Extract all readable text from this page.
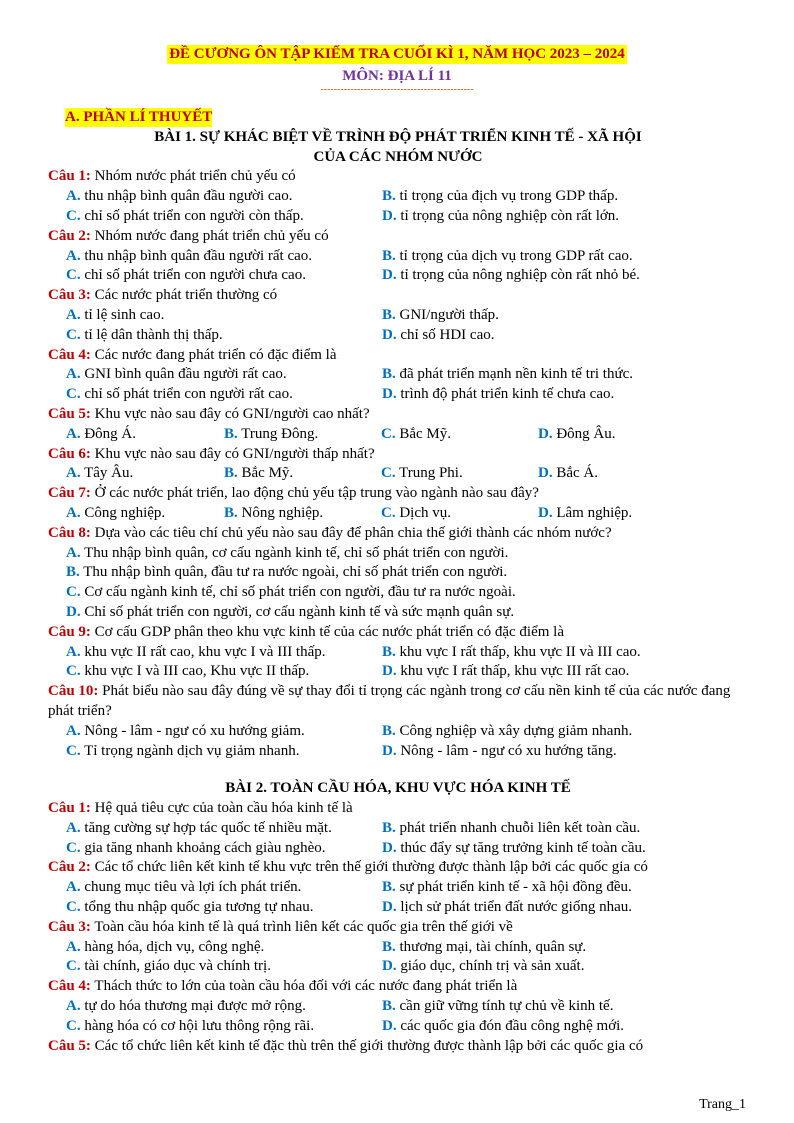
ĐỀ CƯƠNG ÔN TẬP KIỂM TRA CUỐI KÌ 1, NĂM HỌC 2023 – 2024
MÔN: ĐỊA LÍ 11
----------------------------------------------
A. PHẦN LÍ THUYẾT
BÀI 1. SỰ KHÁC BIỆT VỀ TRÌNH ĐỘ PHÁT TRIỂN KINH TẾ - XÃ HỘI
CỦA CÁC NHÓM NƯỚC
Câu 1: Nhóm nước phát triển chủ yếu có
A. thu nhập bình quân đầu người cao.	B. tỉ trọng của địch vụ trong GDP thấp.
C. chỉ số phát triển con người còn thấp.	D. tỉ trọng của nông nghiệp còn rất lớn.
Câu 2: Nhóm nước đang phát triển chủ yếu có
A. thu nhập bình quân đầu người rất cao.	B. tỉ trọng của dịch vụ trong GDP rất cao.
C. chỉ số phát triển con người chưa cao.	D. tỉ trọng của nông nghiệp còn rất nhỏ bé.
Câu 3: Các nước phát triển thường có
A. tỉ lệ sinh cao.	B. GNI/người thấp.
C. tỉ lệ dân thành thị thấp.	D. chỉ số HDI cao.
Câu 4: Các nước đang phát triển có đặc điểm là
A. GNI bình quân đầu người rất cao.	B. đã phát triển mạnh nền kinh tế tri thức.
C. chỉ số phát triển con người rất cao.	D. trình độ phát triển kinh tế chưa cao.
Câu 5: Khu vực nào sau đây có GNI/người cao nhất?
A. Đông Á.	B. Trung Đông.	C. Bắc Mỹ.	D. Đông Âu.
Câu 6: Khu vực nào sau đây có GNI/người thấp nhất?
A. Tây Âu.	B. Bắc Mỹ.	C. Trung Phi.	D. Bắc Á.
Câu 7: Ở các nước phát triển, lao động chủ yếu tập trung vào ngành nào sau đây?
A. Công nghiệp.	B. Nông nghiệp.	C. Dịch vụ.	D. Lâm nghiệp.
Câu 8: Dựa vào các tiêu chí chủ yếu nào sau đây để phân chia thế giới thành các nhóm nước?
A. Thu nhập bình quân, cơ cấu ngành kinh tế, chỉ số phát triển con người.
B. Thu nhập bình quân, đầu tư ra nước ngoài, chỉ số phát triển con người.
C. Cơ cấu ngành kinh tế, chỉ số phát triển con người, đầu tư ra nước ngoài.
D. Chỉ số phát triển con người, cơ cấu ngành kinh tế và sức mạnh quân sự.
Câu 9: Cơ cấu GDP phân theo khu vực kinh tế của các nước phát triển có đặc điểm là
A. khu vực II rất cao, khu vực I và III thấp.	B. khu vực I rất thấp, khu vực II và III cao.
C. khu vực I và III cao, Khu vực II thấp.	D. khu vực I rất thấp, khu vực III rất cao.
Câu 10: Phát biểu nào sau đây đúng về sự thay đổi tỉ trọng các ngành trong cơ cấu nền kinh tế của các nước đang phát triển?
A. Nông - lâm - ngư có xu hướng giảm.	B. Công nghiệp và xây dựng giảm nhanh.
C. Tỉ trọng ngành dịch vụ giảm nhanh.	D. Nông - lâm - ngư có xu hướng tăng.
BÀI 2. TOÀN CẦU HÓA, KHU VỰC HÓA KINH TẾ
Câu 1: Hệ quả tiêu cực của toàn cầu hóa kinh tế là
A. tăng cường sự hợp tác quốc tế nhiều mặt.	B. phát triển nhanh chuỗi liên kết toàn cầu.
C. gia tăng nhanh khoảng cách giàu nghèo.	D. thúc đẩy sự tăng trưởng kinh tế toàn cầu.
Câu 2: Các tổ chức liên kết kinh tế khu vực trên thế giới thường được thành lập bởi các quốc gia có
A. chung mục tiêu và lợi ích phát triển.	B. sự phát triển kinh tế - xã hội đồng đều.
C. tổng thu nhập quốc gia tương tự nhau.	D. lịch sử phát triển đất nước giống nhau.
Câu 3: Toàn cầu hóa kinh tế là quá trình liên kết các quốc gia trên thế giới về
A. hàng hóa, dịch vụ, công nghệ.	B. thương mại, tài chính, quân sự.
C. tài chính, giáo dục và chính trị.	D. giáo dục, chính trị và sản xuất.
Câu 4: Thách thức to lớn của toàn cầu hóa đối với các nước đang phát triển là
A. tự do hóa thương mại được mở rộng.	B. cần giữ vững tính tự chủ về kinh tế.
C. hàng hóa có cơ hội lưu thông rộng rãi.	D. các quốc gia đón đầu công nghệ mới.
Câu 5: Các tổ chức liên kết kinh tế đặc thù trên thế giới thường được thành lập bởi các quốc gia có
Trang_1
